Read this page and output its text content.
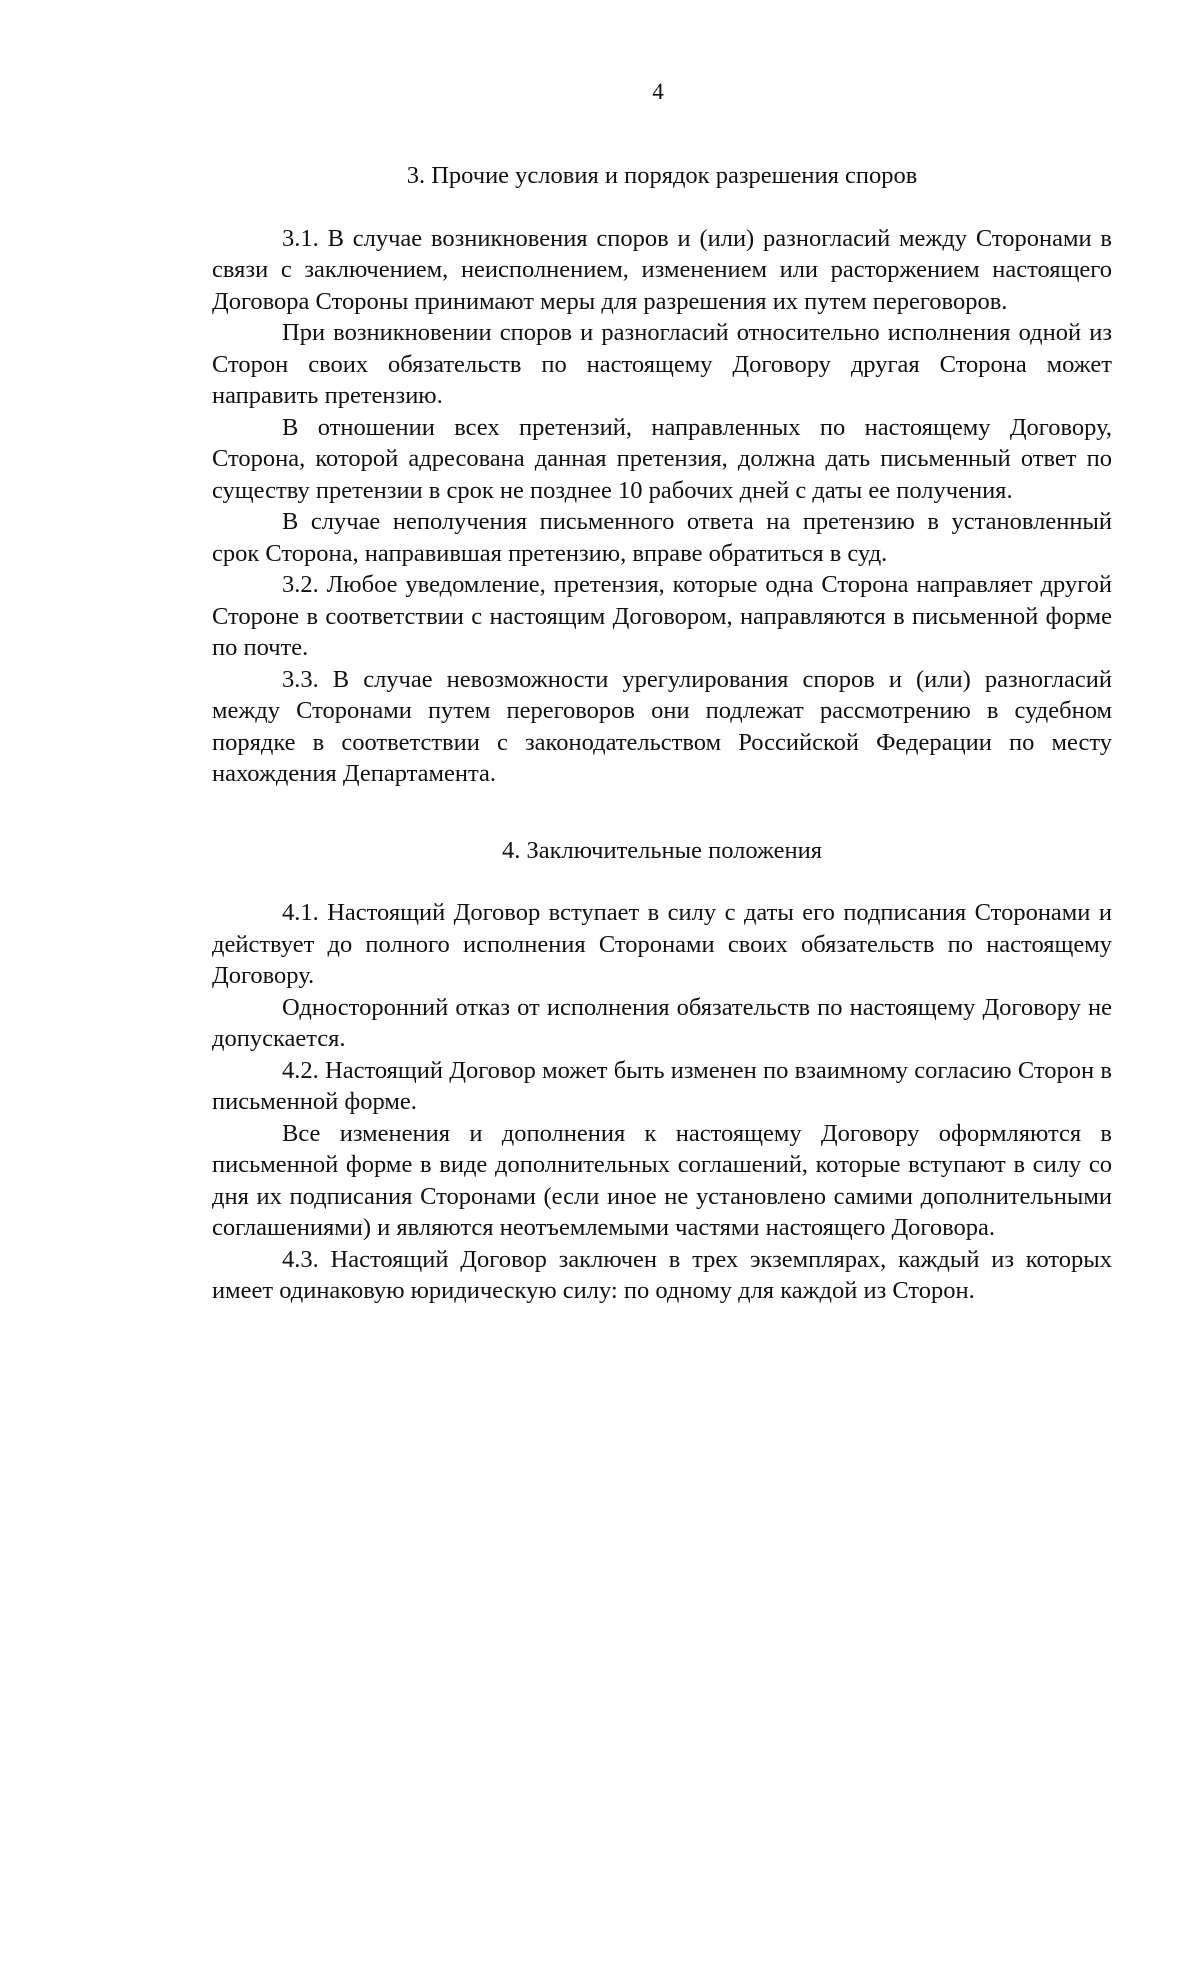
4
3. Прочие условия и порядок разрешения споров

3.1. В случае возникновения споров и (или) разногласий между Сторонами в связи с заключением, неисполнением, изменением или расторжением настоящего Договора Стороны принимают меры для разрешения их путем переговоров.

При возникновении споров и разногласий относительно исполнения одной из Сторон своих обязательств по настоящему Договору другая Сторона может направить претензию.

В отношении всех претензий, направленных по настоящему Договору, Сторона, которой адресована данная претензия, должна дать письменный ответ по существу претензии в срок не позднее 10 рабочих дней с даты ее получения.

В случае неполучения письменного ответа на претензию в установленный срок Сторона, направившая претензию, вправе обратиться в суд.

3.2. Любое уведомление, претензия, которые одна Сторона направляет другой Стороне в соответствии с настоящим Договором, направляются в письменной форме по почте.

3.3. В случае невозможности урегулирования споров и (или) разногласий между Сторонами путем переговоров они подлежат рассмотрению в судебном порядке в соответствии с законодательством Российской Федерации по месту нахождения Департамента.

4. Заключительные положения

4.1. Настоящий Договор вступает в силу с даты его подписания Сторонами и действует до полного исполнения Сторонами своих обязательств по настоящему Договору.

Односторонний отказ от исполнения обязательств по настоящему Договору не допускается.

4.2. Настоящий Договор может быть изменен по взаимному согласию Сторон в письменной форме.

Все изменения и дополнения к настоящему Договору оформляются в письменной форме в виде дополнительных соглашений, которые вступают в силу со дня их подписания Сторонами (если иное не установлено самими дополнительными соглашениями) и являются неотъемлемыми частями настоящего Договора.

4.3. Настоящий Договор заключен в трех экземплярах, каждый из которых имеет одинаковую юридическую силу: по одному для каждой из Сторон.
